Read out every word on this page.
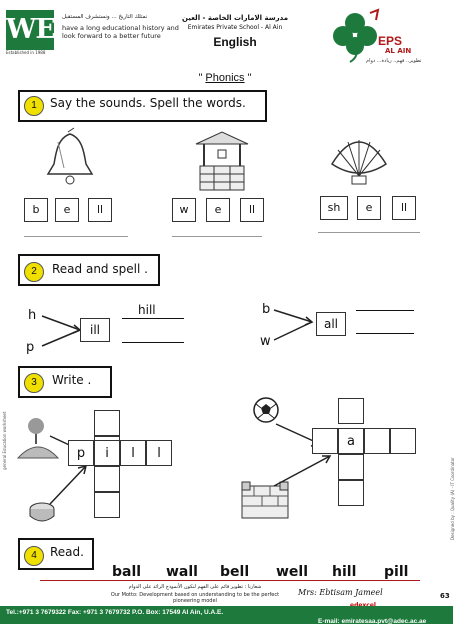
WE
Established in 1988
نمتلك التاريخ ... ونستشرف المستقبل
have a long educational history and look forward to a better future
مدرسة الامارات الخاصة - العين
Emirates Private School - Al Ain
English	EPS
AL AIN
تطوير.. فهم.. ريادة... دوام
" Phonics "
1	Say the sounds. Spell the words.
b	e	ll	w	e	ll	sh	e	ll
2	Read and spell .
h
p
ill
hill	b
w
all
3	Write .
p	i	l	l
a
4	Read.
ball wall bell well hill pill
شعارنا : تطوير قائم على الفهم لنكون الأنموذج الرائد على الدوام
Our Motto: Development based on understanding to be the perfect pioneering model
Mrs: Ebtisam Jameel	63
Tel.:+971 3 7679322 Fax: +971 3 7679732 P.O. Box: 17549 Al Ain, U.A.E.
E-mail: emiratesaa.pvt@adec.ac.ae
general Education worksheet
Designed by : Quality (A) - IT Coordinator
